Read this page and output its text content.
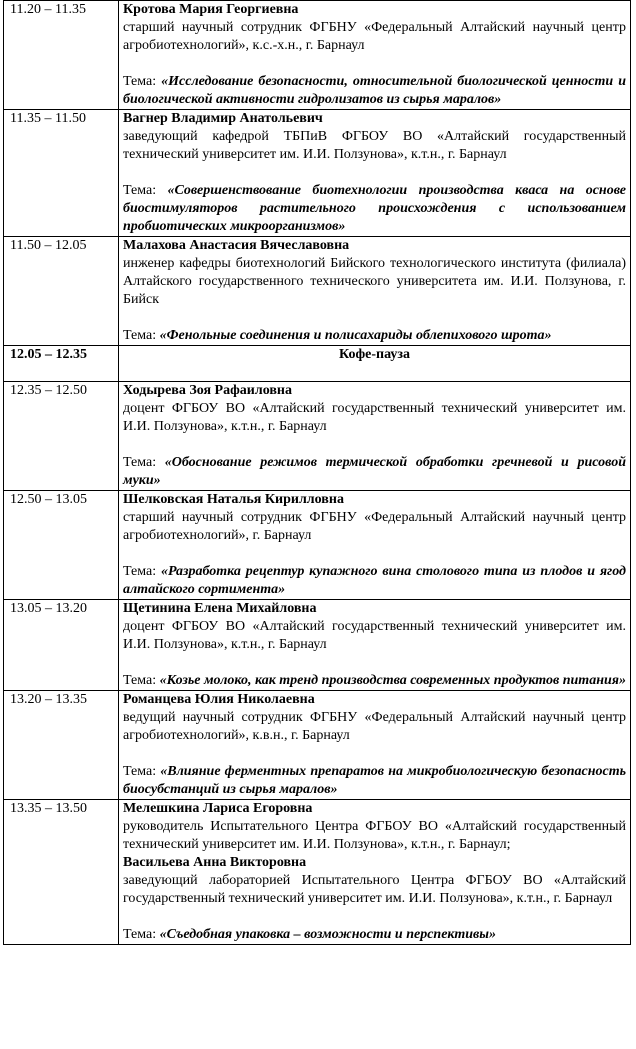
11.20 – 11.35	Кротова Мария Георгиевна
старший научный сотрудник ФГБНУ «Федеральный Алтайский научный центр агробиотехнологий», к.с.-х.н., г. Барнаул
Тема: «Исследование безопасности, относительной биологической ценности и биологической активности гидролизатов из сырья маралов»

11.35 – 11.50	Вагнер Владимир Анатольевич
заведующий кафедрой ТБПиВ ФГБОУ ВО «Алтайский государственный технический университет им. И.И. Ползунова», к.т.н., г. Барнаул
Тема: «Совершенствование биотехнологии производства кваса на основе биостимуляторов растительного происхождения с использованием пробиотических микроорганизмов»

11.50 – 12.05	Малахова Анастасия Вячеславовна
инженер кафедры биотехнологий Бийского технологического института (филиала) Алтайского государственного технического университета им. И.И. Ползунова, г. Бийск
Тема: «Фенольные соединения и полисахариды облепихового шрота»

12.05 – 12.35	Кофе-пауза
12.35 – 12.50	Ходырева Зоя Рафаиловна
доцент ФГБОУ ВО «Алтайский государственный технический университет им. И.И. Ползунова», к.т.н., г. Барнаул
Тема: «Обоснование режимов термической обработки гречневой и рисовой муки»

12.50 – 13.05	Шелковская Наталья Кирилловна
старший научный сотрудник ФГБНУ «Федеральный Алтайский научный центр агробиотехнологий», г. Барнаул
Тема: «Разработка рецептур купажного вина столового типа из плодов и ягод алтайского сортимента»

13.05 – 13.20	Щетинина Елена Михайловна
доцент ФГБОУ ВО «Алтайский государственный технический университет им. И.И. Ползунова», к.т.н., г. Барнаул
Тема: «Козье молоко, как тренд производства современных продуктов питания»

13.20 – 13.35	Романцева Юлия Николаевна
ведущий научный сотрудник ФГБНУ «Федеральный Алтайский научный центр агробиотехнологий», к.в.н., г. Барнаул
Тема: «Влияние ферментных препаратов на микробиологическую безопасность биосубстанций из сырья маралов»

13.35 – 13.50	Мелешкина Лариса Егоровна
руководитель Испытательного Центра ФГБОУ ВО «Алтайский государственный технический университет им. И.И. Ползунова», к.т.н., г. Барнаул;
Васильева Анна Викторовна
заведующий лабораторией Испытательного Центра ФГБОУ ВО «Алтайский государственный технический университет им. И.И. Ползунова», к.т.н., г. Барнаул
Тема: «Съедобная упаковка – возможности и перспективы»
